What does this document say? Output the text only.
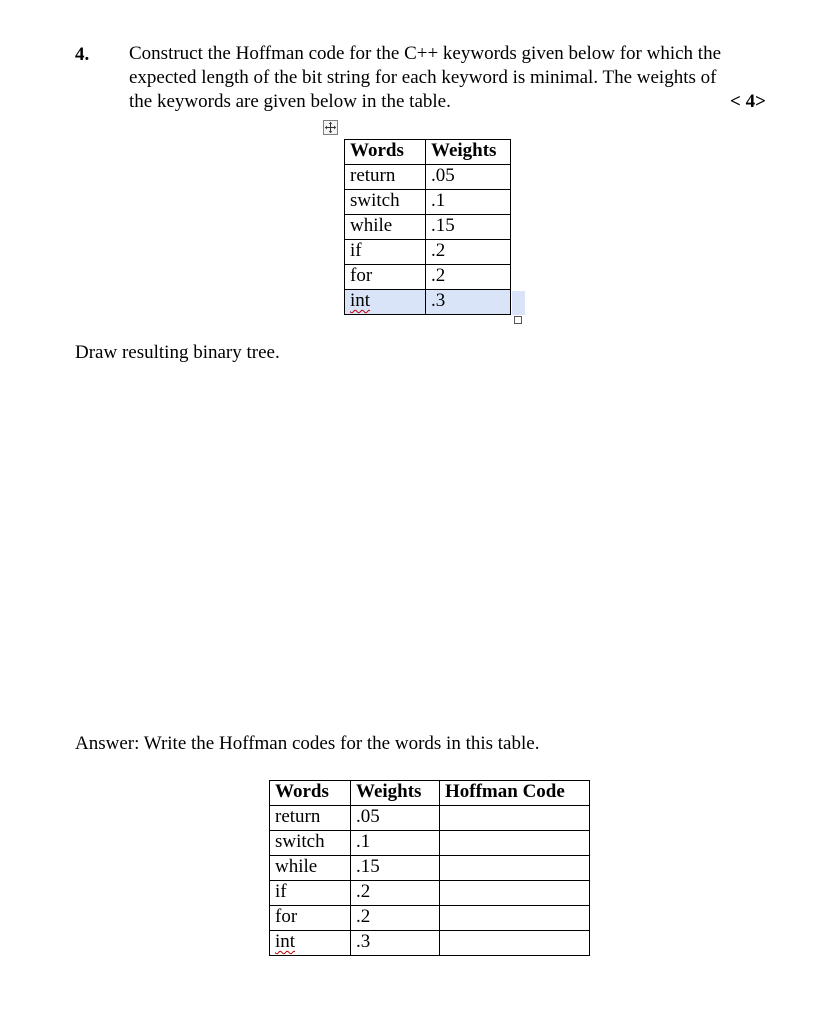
4. Construct the Hoffman code for the C++ keywords given below for which the
expected length of the bit string for each keyword is minimal. The weights of
the keywords are given below in the table.	< 4>
Words	Weights
return	.05
switch	.1
while	.15
if	.2
for	.2
int	.3
Draw resulting binary tree.
Answer: Write the Hoffman codes for the words in this table.
Words	Weights	Hoffman Code
return	.05	
switch	.1	
while	.15	
if	.2	
for	.2	
int	.3	
